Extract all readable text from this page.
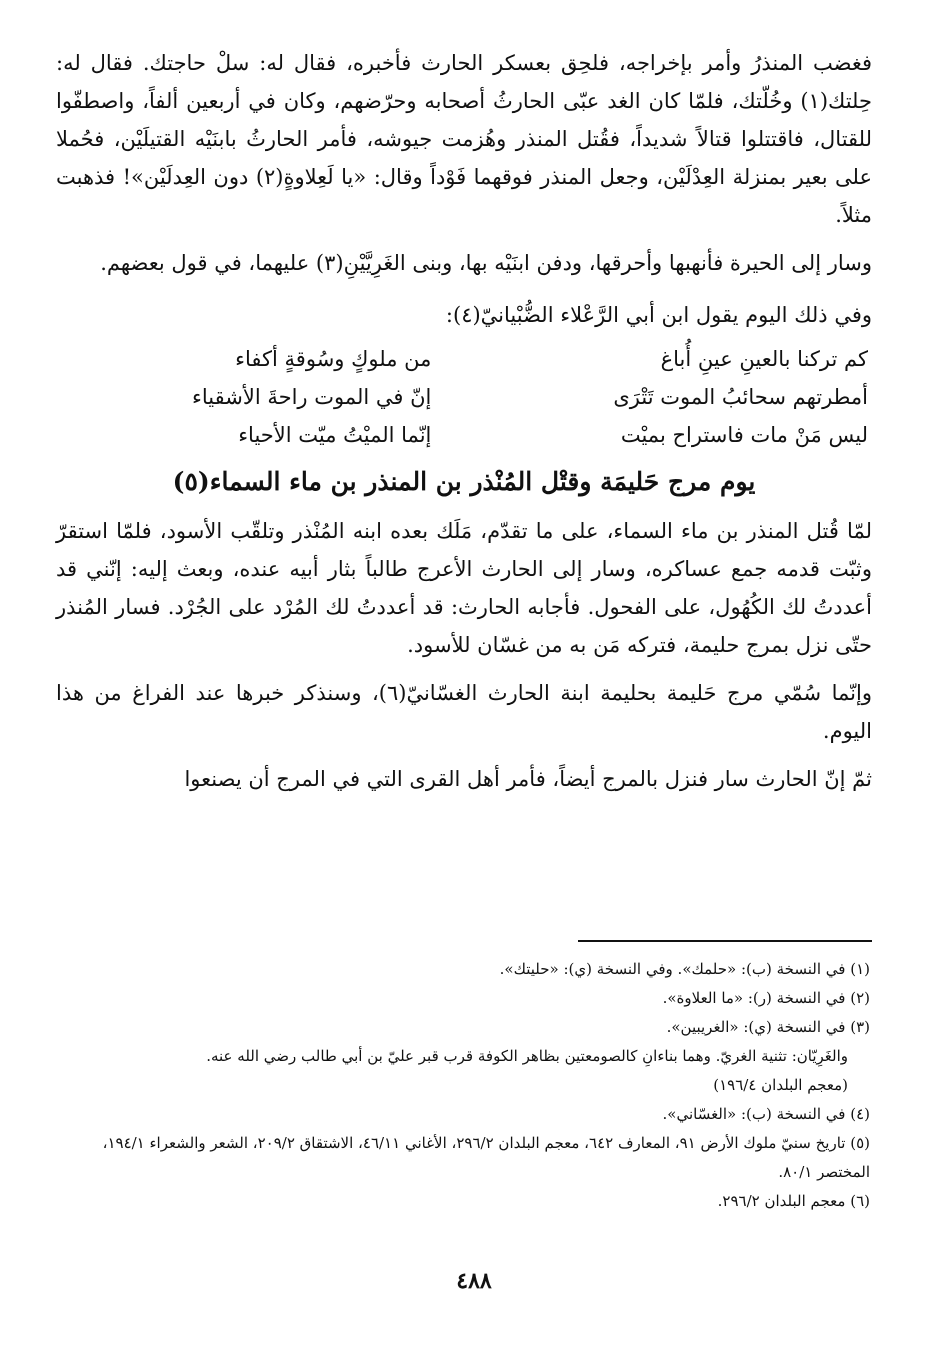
فغضب المنذرُ وأمر بإخراجه، فلحِق بعسكر الحارث فأخبره، فقال له: سلْ حاجتك. فقال له: حِلتك(١) وخُلّتك، فلمّا كان الغد عبّى الحارثُ أصحابه وحرّضهم، وكان في أربعين ألفاً، واصطفّوا للقتال، فاقتتلوا قتالاً شديداً، فقُتل المنذر وهُزمت جيوشه، فأمر الحارثُ بابنَيْه القتيلَيْن، فحُملا على بعير بمنزلة العِدْلَيْن، وجعل المنذر فوقهما فَوْداً وقال: «يا لَعِلاوةٍ(٢) دون العِدلَيْن»! فذهبت مثلاً.

وسار إلى الحيرة فأنهبها وأحرقها، ودفن ابنَيْه بها، وبنى الغَرِيَّيْنِ(٣) عليهما، في قول بعضهم.

وفي ذلك اليوم يقول ابن أبي الرَّعْلاء الضُّبْيانيّ(٤):

كم تركنا بالعينِ عينِ أُباغ		من ملوكٍ وسُوقةٍ أكفاء
أمطرتهم سحائبُ الموت تَتْرَى		إنّ في الموت راحةَ الأشقياء
ليس مَنْ مات فاستراح بميْت		إنّما الميْتُ ميّت الأحياء
يوم مرج حَليمَة وقتْل المُنْذر بن المنذر بن ماء السماء(٥)

لمّا قُتل المنذر بن ماء السماء، على ما تقدّم، مَلَك بعده ابنه المُنْذر وتلقّب الأسود، فلمّا استقرّ وثبّت قدمه جمع عساكره، وسار إلى الحارث الأعرج طالباً بثار أبيه عنده، وبعث إليه: إنّني قد أعددتُ لك الكُهُول، على الفحول. فأجابه الحارث: قد أعددتُ لك المُرْد على الجُرْد. فسار المُنذر حتّى نزل بمرج حليمة، فتركه مَن به من غسّان للأسود.

وإنّما سُمّي مرج حَليمة بحليمة ابنة الحارث الغسّانيّ(٦)، وسنذكر خبرها عند الفراغ من هذا اليوم.

ثمّ إنّ الحارث سار فنزل بالمرج أيضاً، فأمر أهل القرى التي في المرج أن يصنعوا

(١) في النسخة (ب): «حلمك». وفي النسخة (ي): «حليتك».

(٢) في النسخة (ر): «ما العلاوة».

(٣) في النسخة (ي): «الغريبين».

والغَرِيّان: تثنية الغريّ. وهما بناءانِ كالصومعتين بظاهر الكوفة قرب قبر عليّ بن أبي طالب رضي الله عنه.

(معجم البلدان ١٩٦/٤)

(٤) في النسخة (ب): «الغسّاني».

(٥) تاريخ سنيّ ملوك الأرض ٩١، المعارف ٦٤٢، معجم البلدان ٢٩٦/٢، الأغاني ٤٦/١١، الاشتقاق ٢٠٩/٢، الشعر والشعراء ١٩٤/١، المختصر ٨٠/١.

(٦) معجم البلدان ٢٩٦/٢.

٤٨٨
